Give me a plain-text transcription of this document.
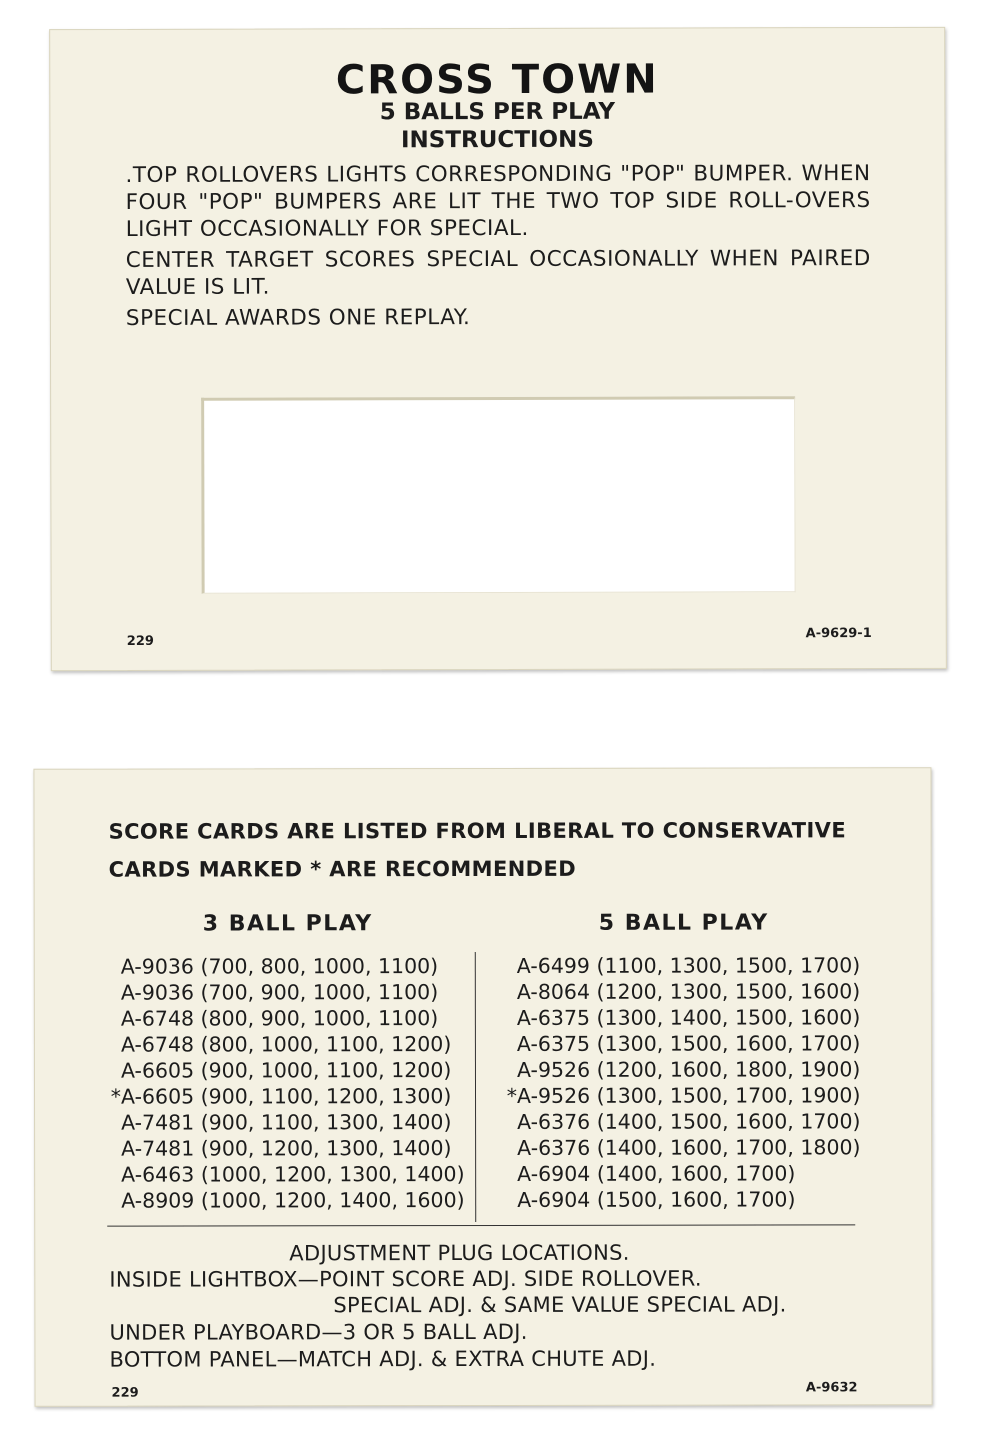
CROSS TOWN
5 BALLS PER PLAY
INSTRUCTIONS

.TOP ROLLOVERS LIGHTS CORRESPONDING "POP" BUMPER. WHEN FOUR "POP" BUMPERS ARE LIT THE TWO TOP SIDE ROLL-OVERS LIGHT OCCASIONALLY FOR SPECIAL.

CENTER TARGET SCORES SPECIAL OCCASIONALLY WHEN PAIRED VALUE IS LIT.

SPECIAL AWARDS ONE REPLAY.

229
A-9629-1
SCORE CARDS ARE LISTED FROM LIBERAL TO CONSERVATIVE
CARDS MARKED * ARE RECOMMENDED
3 BALL PLAY	5 BALL PLAY
A-9036 (700, 800, 1000, 1100)
A-9036 (700, 900, 1000, 1100)
A-6748 (800, 900, 1000, 1100)
A-6748 (800, 1000, 1100, 1200)
A-6605 (900, 1000, 1100, 1200)
*A-6605 (900, 1100, 1200, 1300)
A-7481 (900, 1100, 1300, 1400)
A-7481 (900, 1200, 1300, 1400)
A-6463 (1000, 1200, 1300, 1400)
A-8909 (1000, 1200, 1400, 1600)
A-6499 (1100, 1300, 1500, 1700)
A-8064 (1200, 1300, 1500, 1600)
A-6375 (1300, 1400, 1500, 1600)
A-6375 (1300, 1500, 1600, 1700)
A-9526 (1200, 1600, 1800, 1900)
*A-9526 (1300, 1500, 1700, 1900)
A-6376 (1400, 1500, 1600, 1700)
A-6376 (1400, 1600, 1700, 1800)
A-6904 (1400, 1600, 1700)
A-6904 (1500, 1600, 1700)
ADJUSTMENT PLUG LOCATIONS.
INSIDE LIGHTBOX—POINT SCORE ADJ. SIDE ROLLOVER.
SPECIAL ADJ. & SAME VALUE SPECIAL ADJ.
UNDER PLAYBOARD—3 OR 5 BALL ADJ.
BOTTOM PANEL—MATCH ADJ. & EXTRA CHUTE ADJ.
229	A-9632
